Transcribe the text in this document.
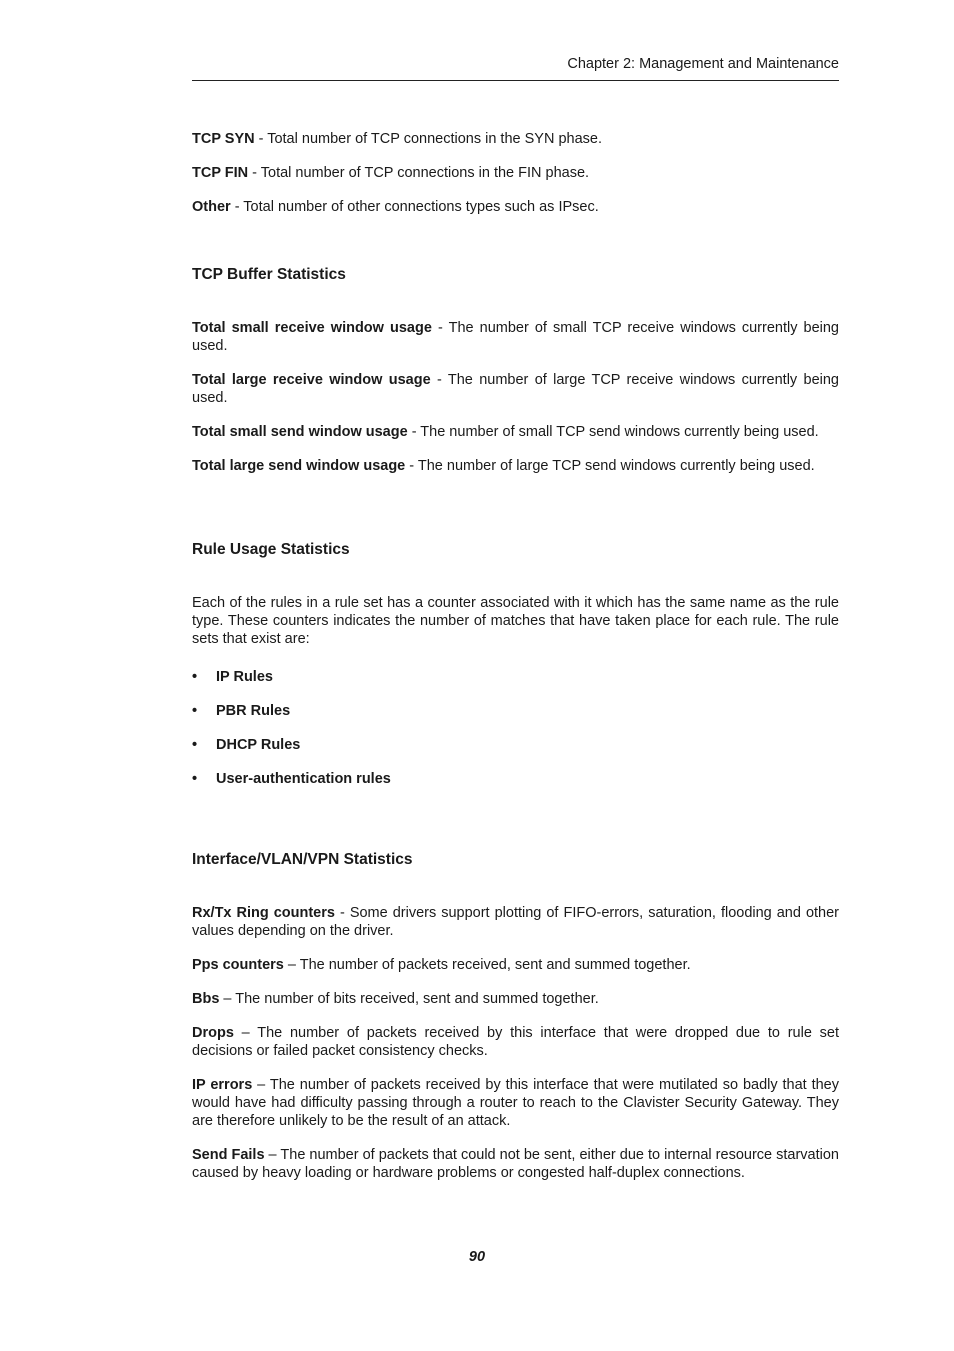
Chapter 2: Management and Maintenance

TCP SYN - Total number of TCP connections in the SYN phase.

TCP FIN - Total number of TCP connections in the FIN phase.

Other - Total number of other connections types such as IPsec.

TCP Buffer Statistics

Total small receive window usage - The number of small TCP receive windows currently being used.

Total large receive window usage - The number of large TCP receive windows currently being used.

Total small send window usage - The number of small TCP send windows currently being used.

Total large send window usage - The number of large TCP send windows currently being used.

Rule Usage Statistics

Each of the rules in a rule set has a counter associated with it which has the same name as the rule type. These counters indicates the number of matches that have taken place for each rule. The rule sets that exist are:

• IP Rules
• PBR Rules
• DHCP Rules
• User-authentication rules
Interface/VLAN/VPN Statistics

Rx/Tx Ring counters - Some drivers support plotting of FIFO-errors, saturation, flooding and other values depending on the driver.

Pps counters – The number of packets received, sent and summed together.

Bbs – The number of bits received, sent and summed together.

Drops – The number of packets received by this interface that were dropped due to rule set decisions or failed packet consistency checks.

IP errors – The number of packets received by this interface that were mutilated so badly that they would have had difficulty passing through a router to reach to the Clavister Security Gateway. They are therefore unlikely to be the result of an attack.

Send Fails – The number of packets that could not be sent, either due to internal resource starvation caused by heavy loading or hardware problems or congested half-duplex connections.

90
